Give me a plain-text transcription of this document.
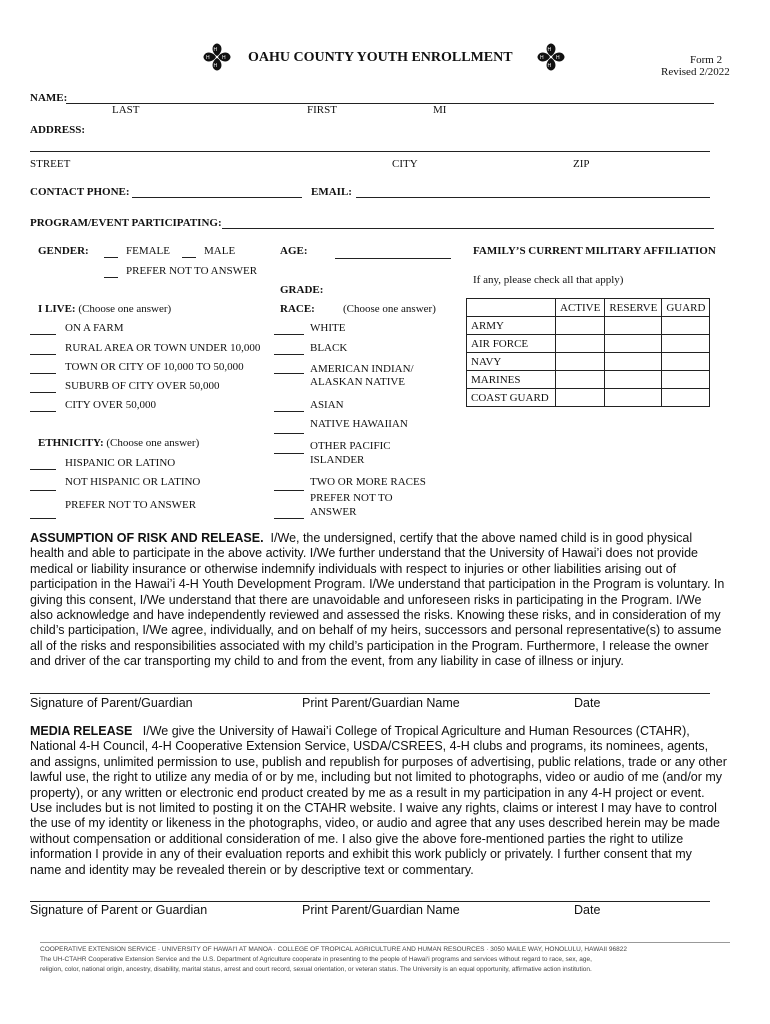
H
H
H H
H
H
H H
OAHU COUNTY YOUTH ENROLLMENT	Form 2
Revised 2/2022
NAME:
LAST	FIRST	MI
ADDRESS:
STREET	CITY	ZIP
CONTACT PHONE:	EMAIL:
PROGRAM/EVENT PARTICIPATING:
GENDER:	FEMALE	MALE
PREFER NOT TO ANSWER
AGE:
GRADE:
I LIVE: (Choose one answer)
ON A FARM
RURAL AREA OR TOWN UNDER 10,000
TOWN OR CITY OF 10,000 TO 50,000
SUBURB OF CITY OVER 50,000
CITY OVER 50,000
ETHNICITY: (Choose one answer)
HISPANIC OR LATINO
NOT HISPANIC OR LATINO
PREFER NOT TO ANSWER
RACE:	(Choose one answer)
WHITE
BLACK
AMERICAN INDIAN/
ALASKAN NATIVE
ASIAN
NATIVE HAWAIIAN
OTHER PACIFIC
ISLANDER
TWO OR MORE RACES
PREFER NOT TO
ANSWER
FAMILY’S CURRENT MILITARY AFFILIATION
If any, please check all that apply)
	ACTIVE	RESERVE	GUARD
ARMY			
AIR FORCE			
NAVY			
MARINES			
COAST GUARD			
ASSUMPTION OF RISK AND RELEASE. I/We, the undersigned, certify that the above named child is in good physical
health and able to participate in the above activity. I/We further understand that the University of Hawai’i does not provide
medical or liability insurance or otherwise indemnify individuals with respect to injuries or other liabilities arising out of
participation in the Hawai’i 4-H Youth Development Program. I/We understand that participation in the Program is voluntary. In
giving this consent, I/We understand that there are unavoidable and unforeseen risks in participating in the Program. I/We
also acknowledge and have independently reviewed and assessed the risks. Knowing these risks, and in consideration of my
child’s participation, I/We agree, individually, and on behalf of my heirs, successors and personal representative(s) to assume
all of the risks and responsibilities associated with my child’s participation in the Program. Furthermore, I release the owner
and driver of the car transporting my child to and from the event, from any liability in case of illness or injury.
Signature of Parent/Guardian	Print Parent/Guardian Name	Date
MEDIA RELEASE I/We give the University of Hawai’i College of Tropical Agriculture and Human Resources (CTAHR),
National 4-H Council, 4-H Cooperative Extension Service, USDA/CSREES, 4-H clubs and programs, its nominees, agents,
and assigns, unlimited permission to use, publish and republish for purposes of advertising, public relations, trade or any other
lawful use, the right to utilize any media of or by me, including but not limited to photographs, video or audio of me (and/or my
property), or any written or electronic end product created by me as a result in my participation in any 4-H project or event.
Use includes but is not limited to posting it on the CTAHR website. I waive any rights, claims or interest I may have to control
the use of my identity or likeness in the photographs, video, or audio and agree that any uses described herein may be made
without compensation or additional consideration of me. I also give the above fore-mentioned parties the right to utilize
information I provide in any of their evaluation reports and exhibit this work publicly or privately. I further consent that my
name and identity may be revealed therein or by descriptive text or commentary.
Signature of Parent or Guardian	Print Parent/Guardian Name	Date
COOPERATIVE EXTENSION SERVICE · UNIVERSITY OF HAWAI‘I AT MANOA · COLLEGE OF TROPICAL AGRICULTURE AND HUMAN RESOURCES · 3050 MAILE WAY, HONOLULU, HAWAII 96822
The UH-CTAHR Cooperative Extension Service and the U.S. Department of Agriculture cooperate in presenting to the people of Hawai‘i programs and services without regard to race, sex, age,
religion, color, national origin, ancestry, disability, marital status, arrest and court record, sexual orientation, or veteran status. The University is an equal opportunity, affirmative action institution.
